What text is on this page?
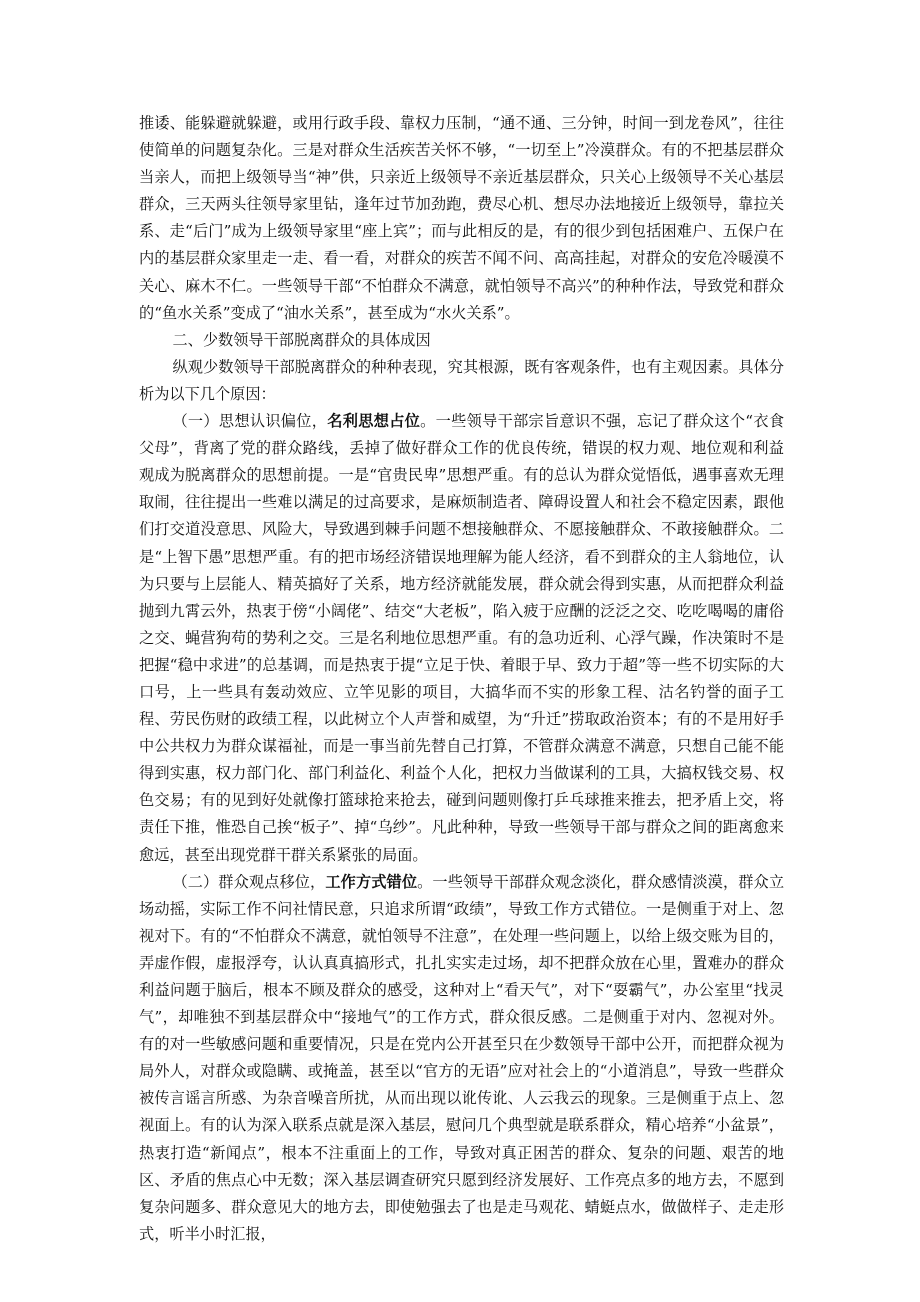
推诿、能躲避就躲避，或用行政手段、靠权力压制，“通不通、三分钟，时间一到龙卷风”，往往使简单的问题复杂化。三是对群众生活疾苦关怀不够，“一切至上”冷漠群众。有的不把基层群众当亲人，而把上级领导当“神”供，只亲近上级领导不亲近基层群众，只关心上级领导不关心基层群众，三天两头往领导家里钻，逢年过节加劲跑，费尽心机、想尽办法地接近上级领导，靠拉关系、走“后门”成为上级领导家里“座上宾”；而与此相反的是，有的很少到包括困难户、五保户在内的基层群众家里走一走、看一看，对群众的疾苦不闻不问、高高挂起，对群众的安危冷暖漠不关心、麻木不仁。一些领导干部“不怕群众不满意，就怕领导不高兴”的种种作法，导致党和群众的“鱼水关系”变成了“油水关系”，甚至成为“水火关系”。

二、少数领导干部脱离群众的具体成因

纵观少数领导干部脱离群众的种种表现，究其根源，既有客观条件，也有主观因素。具体分析为以下几个原因：

（一）思想认识偏位，名利思想占位。一些领导干部宗旨意识不强，忘记了群众这个“衣食父母”，背离了党的群众路线，丢掉了做好群众工作的优良传统，错误的权力观、地位观和利益观成为脱离群众的思想前提。一是“官贵民卑”思想严重。有的总认为群众觉悟低，遇事喜欢无理取闹，往往提出一些难以满足的过高要求，是麻烦制造者、障碍设置人和社会不稳定因素，跟他们打交道没意思、风险大，导致遇到棘手问题不想接触群众、不愿接触群众、不敢接触群众。二是“上智下愚”思想严重。有的把市场经济错误地理解为能人经济，看不到群众的主人翁地位，认为只要与上层能人、精英搞好了关系，地方经济就能发展，群众就会得到实惠，从而把群众利益抛到九霄云外，热衷于傍“小阔佬”、结交“大老板”，陷入疲于应酬的泛泛之交、吃吃喝喝的庸俗之交、蝇营狗苟的势利之交。三是名利地位思想严重。有的急功近利、心浮气躁，作决策时不是把握“稳中求进”的总基调，而是热衷于提“立足于快、着眼于早、致力于超”等一些不切实际的大口号，上一些具有轰动效应、立竿见影的项目，大搞华而不实的形象工程、沽名钓誉的面子工程、劳民伤财的政绩工程，以此树立个人声誉和威望，为“升迁”捞取政治资本；有的不是用好手中公共权力为群众谋福祉，而是一事当前先替自己打算，不管群众满意不满意，只想自己能不能得到实惠，权力部门化、部门利益化、利益个人化，把权力当做谋利的工具，大搞权钱交易、权色交易；有的见到好处就像打篮球抢来抢去，碰到问题则像打乒乓球推来推去，把矛盾上交，将责任下推，惟恐自己挨“板子”、掉“乌纱”。凡此种种，导致一些领导干部与群众之间的距离愈来愈远，甚至出现党群干群关系紧张的局面。

（二）群众观点移位，工作方式错位。一些领导干部群众观念淡化，群众感情淡漠，群众立场动摇，实际工作不问社情民意，只追求所谓“政绩”，导致工作方式错位。一是侧重于对上、忽视对下。有的“不怕群众不满意，就怕领导不注意”，在处理一些问题上，以给上级交账为目的，弄虚作假，虚报浮夸，认认真真搞形式，扎扎实实走过场，却不把群众放在心里，置难办的群众利益问题于脑后，根本不顾及群众的感受，这种对上“看天气”，对下“耍霸气”，办公室里“找灵气”，却唯独不到基层群众中“接地气”的工作方式，群众很反感。二是侧重于对内、忽视对外。有的对一些敏感问题和重要情况，只是在党内公开甚至只在少数领导干部中公开，而把群众视为局外人，对群众或隐瞒、或掩盖，甚至以“官方的无语”应对社会上的“小道消息”，导致一些群众被传言谣言所惑、为杂音噪音所扰，从而出现以讹传讹、人云我云的现象。三是侧重于点上、忽视面上。有的认为深入联系点就是深入基层，慰问几个典型就是联系群众，精心培养“小盆景”，热衷打造“新闻点”，根本不注重面上的工作，导致对真正困苦的群众、复杂的问题、艰苦的地区、矛盾的焦点心中无数；深入基层调查研究只愿到经济发展好、工作亮点多的地方去，不愿到复杂问题多、群众意见大的地方去，即使勉强去了也是走马观花、蜻蜓点水，做做样子、走走形式，听半小时汇报，
